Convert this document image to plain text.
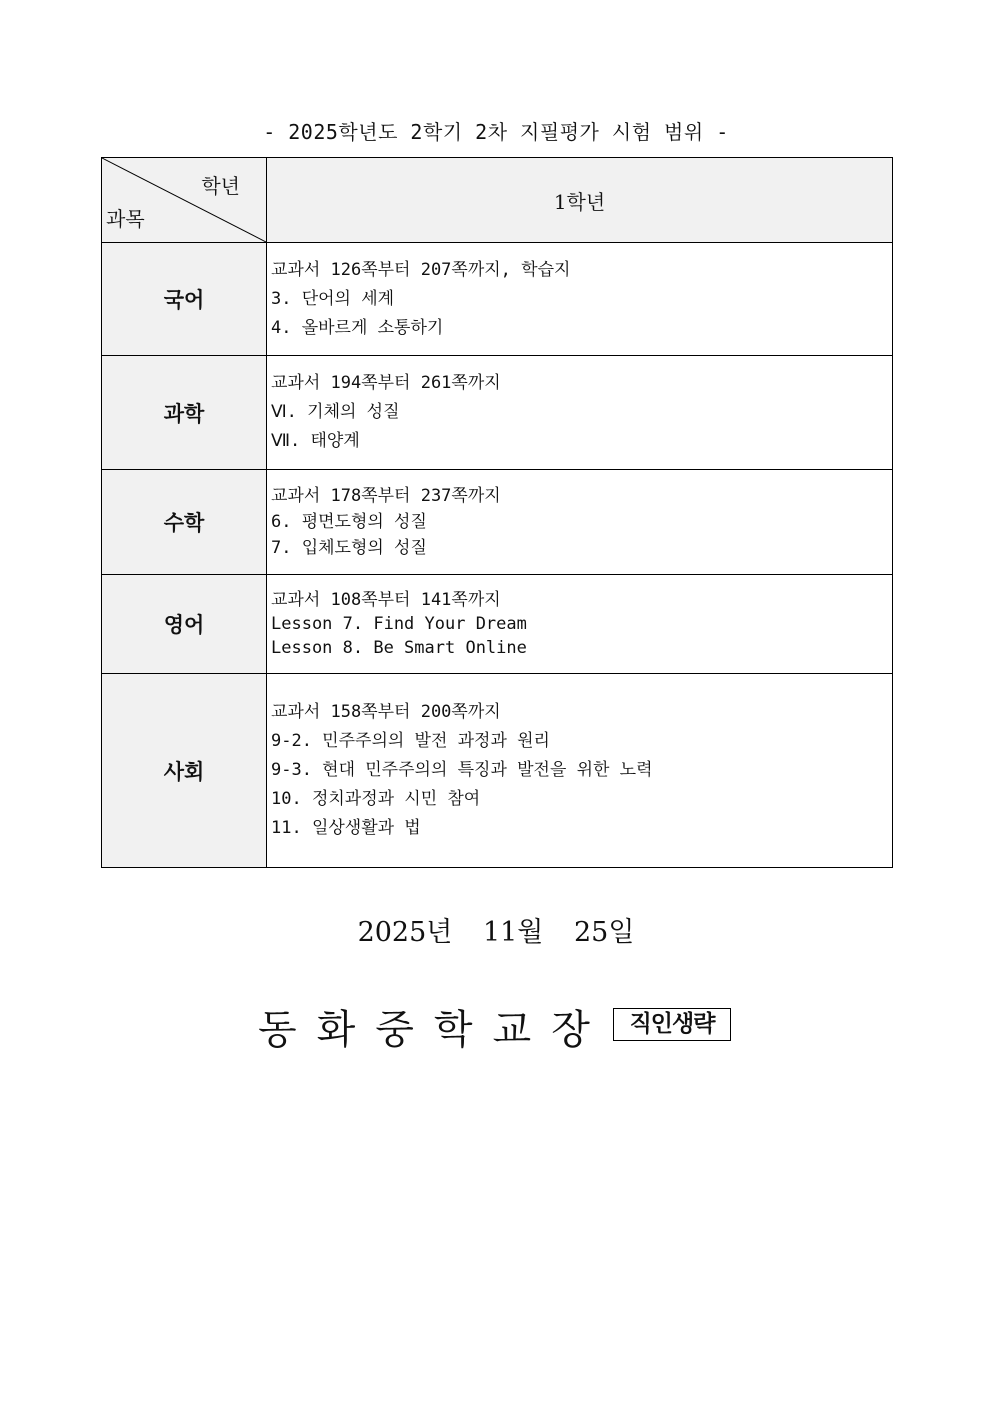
- 2025학년도 2학기 2차 지필평가 시험 범위 -
학년
과목	1학년
국어	교과서 126쪽부터 207쪽까지, 학습지
3. 단어의 세계
4. 올바르게 소통하기

과학	교과서 194쪽부터 261쪽까지
Ⅵ. 기체의 성질
Ⅶ. 태양계

수학	교과서 178쪽부터 237쪽까지
6. 평면도형의 성질
7. 입체도형의 성질

영어	교과서 108쪽부터 141쪽까지
Lesson 7. Find Your Dream
Lesson 8. Be Smart Online

사회	교과서 158쪽부터 200쪽까지
9-2. 민주주의의 발전 과정과 원리
9-3. 현대 민주주의의 특징과 발전을 위한 노력
10. 정치과정과 시민 참여
11. 일상생활과 법
2025년 11월 25일
동화중학교장 직인생략
